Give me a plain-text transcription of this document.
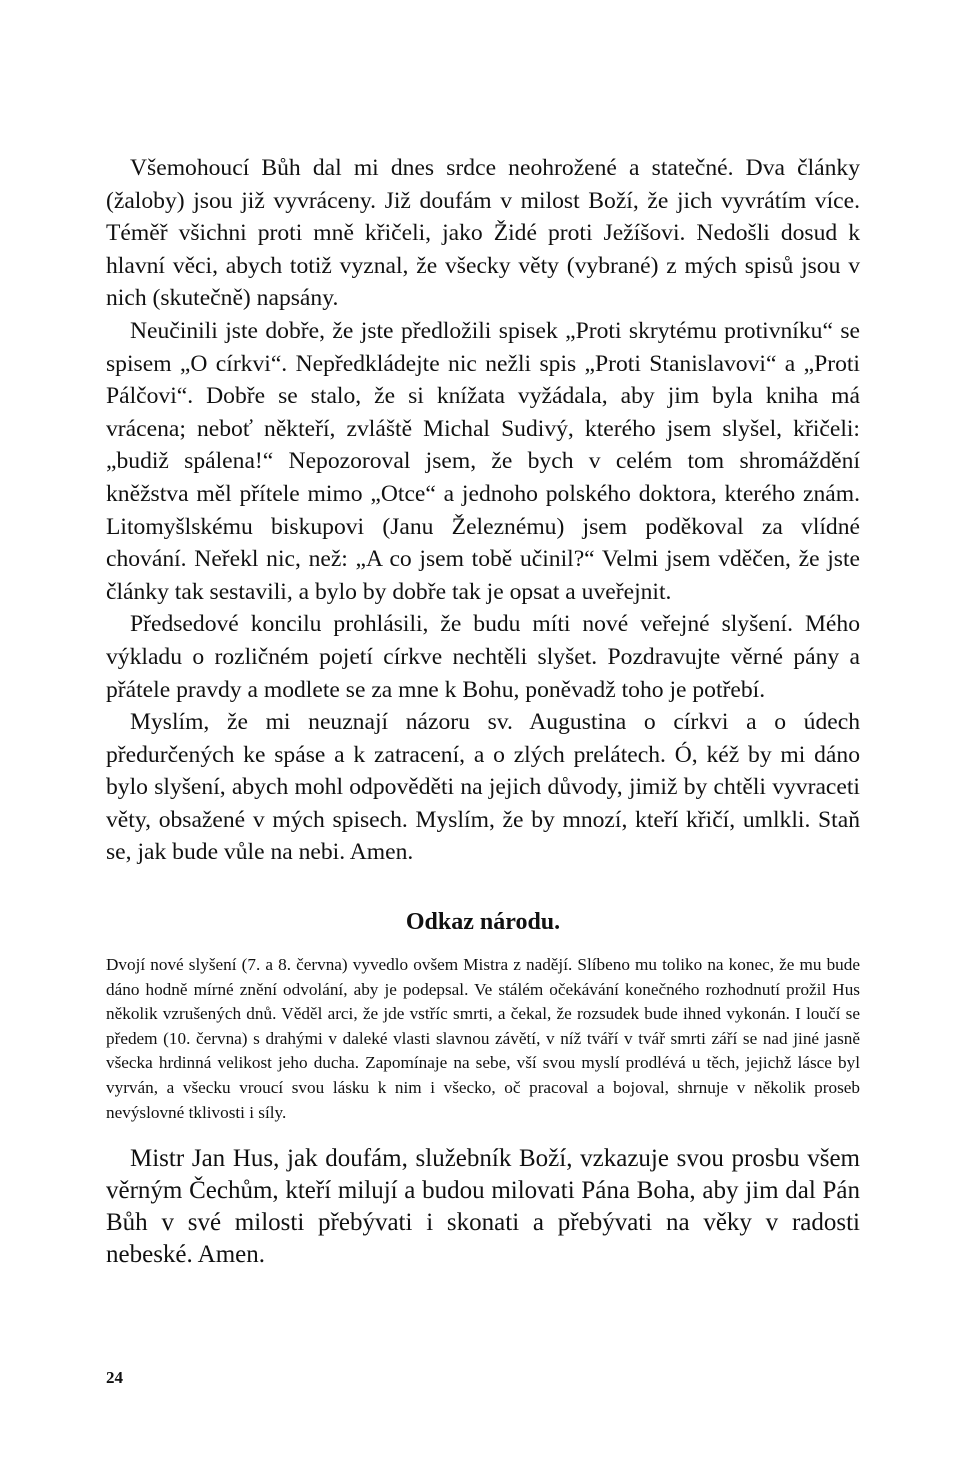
Všemohoucí Bůh dal mi dnes srdce neohrožené a statečné. Dva články (žaloby) jsou již vyvráceny. Již doufám v milost Boží, že jich vyvrátím více. Téměř všichni proti mně křičeli, jako Židé proti Ježíšovi. Nedošli dosud k hlavní věci, abych totiž vyznal, že všecky věty (vybrané) z mých spisů jsou v nich (skutečně) napsány.

Neučinili jste dobře, že jste předložili spisek „Proti skrytému protivníku“ se spisem „O církvi“. Nepředkládejte nic nežli spis „Proti Stanislavovi“ a „Proti Pálčovi“. Dobře se stalo, že si knížata vyžádala, aby jim byla kniha má vrácena; neboť někteří, zvláště Michal Sudivý, kterého jsem slyšel, křičeli: „budiž spálena!“ Nepozoroval jsem, že bych v celém tom shromáždění kněžstva měl přítele mimo „Otce“ a jednoho polského doktora, kterého znám. Litomyšlskému biskupovi (Janu Železnému) jsem poděkoval za vlídné chování. Neřekl nic, než: „A co jsem tobě učinil?“ Velmi jsem vděčen, že jste články tak sestavili, a bylo by dobře tak je opsat a uveřejnit.

Předsedové koncilu prohlásili, že budu míti nové veřejné slyšení. Mého výkladu o rozličném pojetí církve nechtěli slyšet. Pozdravujte věrné pány a přátele pravdy a modlete se za mne k Bohu, poněvadž toho je potřebí.

Myslím, že mi neuznají názoru sv. Augustina o církvi a o údech předurčených ke spáse a k zatracení, a o zlých prelátech. Ó, kéž by mi dáno bylo slyšení, abych mohl odpověděti na jejich důvody, jimiž by chtěli vyvraceti věty, obsažené v mých spisech. Myslím, že by mnozí, kteří křičí, umlkli. Staň se, jak bude vůle na nebi. Amen.

Odkaz národu.

Dvojí nové slyšení (7. a 8. června) vyvedlo ovšem Mistra z nadějí. Slíbeno mu toliko na konec, že mu bude dáno hodně mírné znění odvolání, aby je podepsal. Ve stálém očekávání konečného rozhodnutí prožil Hus několik vzrušených dnů. Věděl arci, že jde vstříc smrti, a čekal, že rozsudek bude ihned vykonán. I loučí se předem (10. června) s drahými v daleké vlasti slavnou závětí, v níž tváří v tvář smrti září se nad jiné jasně všecka hrdinná velikost jeho ducha. Zapomínaje na sebe, vší svou myslí prodlévá u těch, jejichž lásce byl vyrván, a všecku vroucí svou lásku k nim i všecko, oč pracoval a bojoval, shrnuje v několik proseb nevýslovné tklivosti i síly.

Mistr Jan Hus, jak doufám, služebník Boží, vzkazuje svou prosbu všem věrným Čechům, kteří milují a budou milovati Pána Boha, aby jim dal Pán Bůh v své milosti přebývati i skonati a přebývati na věky v radosti nebeské. Amen.

24
